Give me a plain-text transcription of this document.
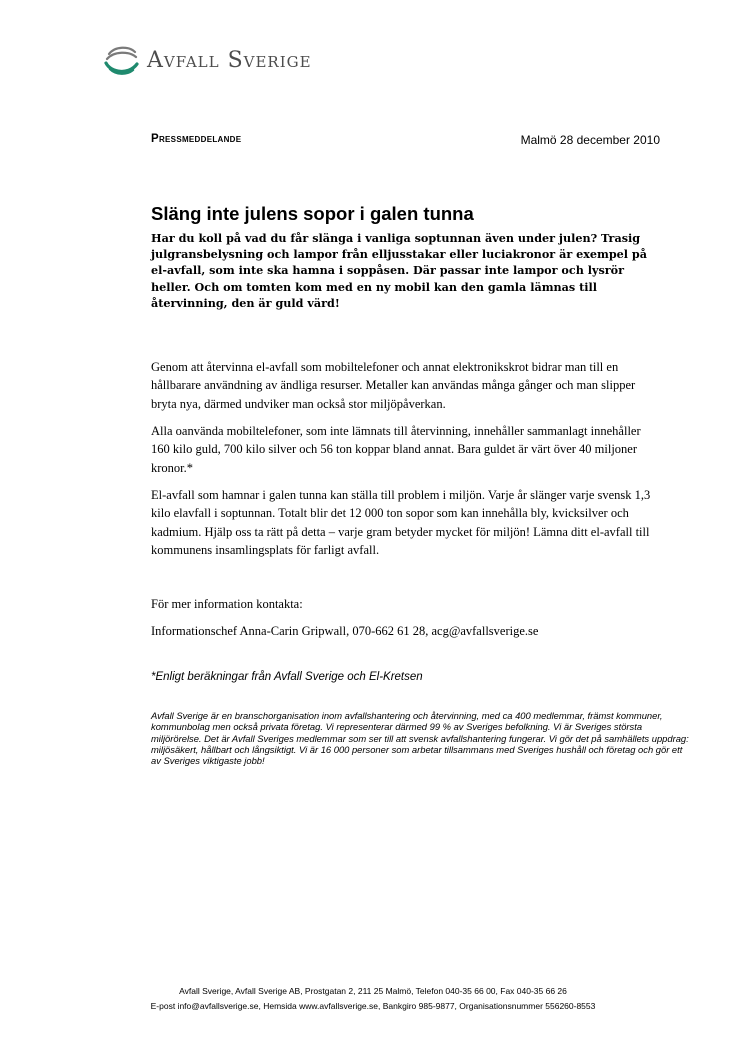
Avfall Sverige
Pressmeddelande	Malmö 28 december 2010
Släng inte julens sopor i galen tunna

Har du koll på vad du får slänga i vanliga soptunnan även under julen? Trasig julgransbelysning och lampor från elljusstakar eller luciakronor är exempel på el-avfall, som inte ska hamna i soppåsen. Där passar inte lampor och lysrör heller. Och om tomten kom med en ny mobil kan den gamla lämnas till återvinning, den är guld värd!

Genom att återvinna el-avfall som mobiltelefoner och annat elektronikskrot bidrar man till en hållbarare användning av ändliga resurser. Metaller kan användas många gånger och man slipper bryta nya, därmed undviker man också stor miljöpåverkan.

Alla oanvända mobiltelefoner, som inte lämnats till återvinning, innehåller sammanlagt innehåller 160 kilo guld, 700 kilo silver och 56 ton koppar bland annat. Bara guldet är värt över 40 miljoner kronor.*

El-avfall som hamnar i galen tunna kan ställa till problem i miljön. Varje år slänger varje svensk 1,3 kilo elavfall i soptunnan. Totalt blir det 12 000 ton sopor som kan innehålla bly, kvicksilver och kadmium. Hjälp oss ta rätt på detta – varje gram betyder mycket för miljön! Lämna ditt el-avfall till kommunens insamlingsplats för farligt avfall.

För mer information kontakta:
Informationschef Anna-Carin Gripwall, 070-662 61 28, acg@avfallsverige.se
*Enligt beräkningar från Avfall Sverige och El-Kretsen

Avfall Sverige är en branschorganisation inom avfallshantering och återvinning, med ca 400 medlemmar, främst kommuner, kommunbolag men också privata företag. Vi representerar därmed 99 % av Sveriges befolkning. Vi är Sveriges största miljörörelse. Det är Avfall Sveriges medlemmar som ser till att svensk avfallshantering fungerar. Vi gör det på samhällets uppdrag: miljösäkert, hållbart och långsiktigt. Vi är 16 000 personer som arbetar tillsammans med Sveriges hushåll och företag och gör ett av Sveriges viktigaste jobb!

Avfall Sverige, Avfall Sverige AB, Prostgatan 2, 211 25 Malmö, Telefon 040-35 66 00, Fax 040-35 66 26
E-post info@avfallsverige.se, Hemsida www.avfallsverige.se, Bankgiro 985-9877, Organisationsnummer 556260-8553
